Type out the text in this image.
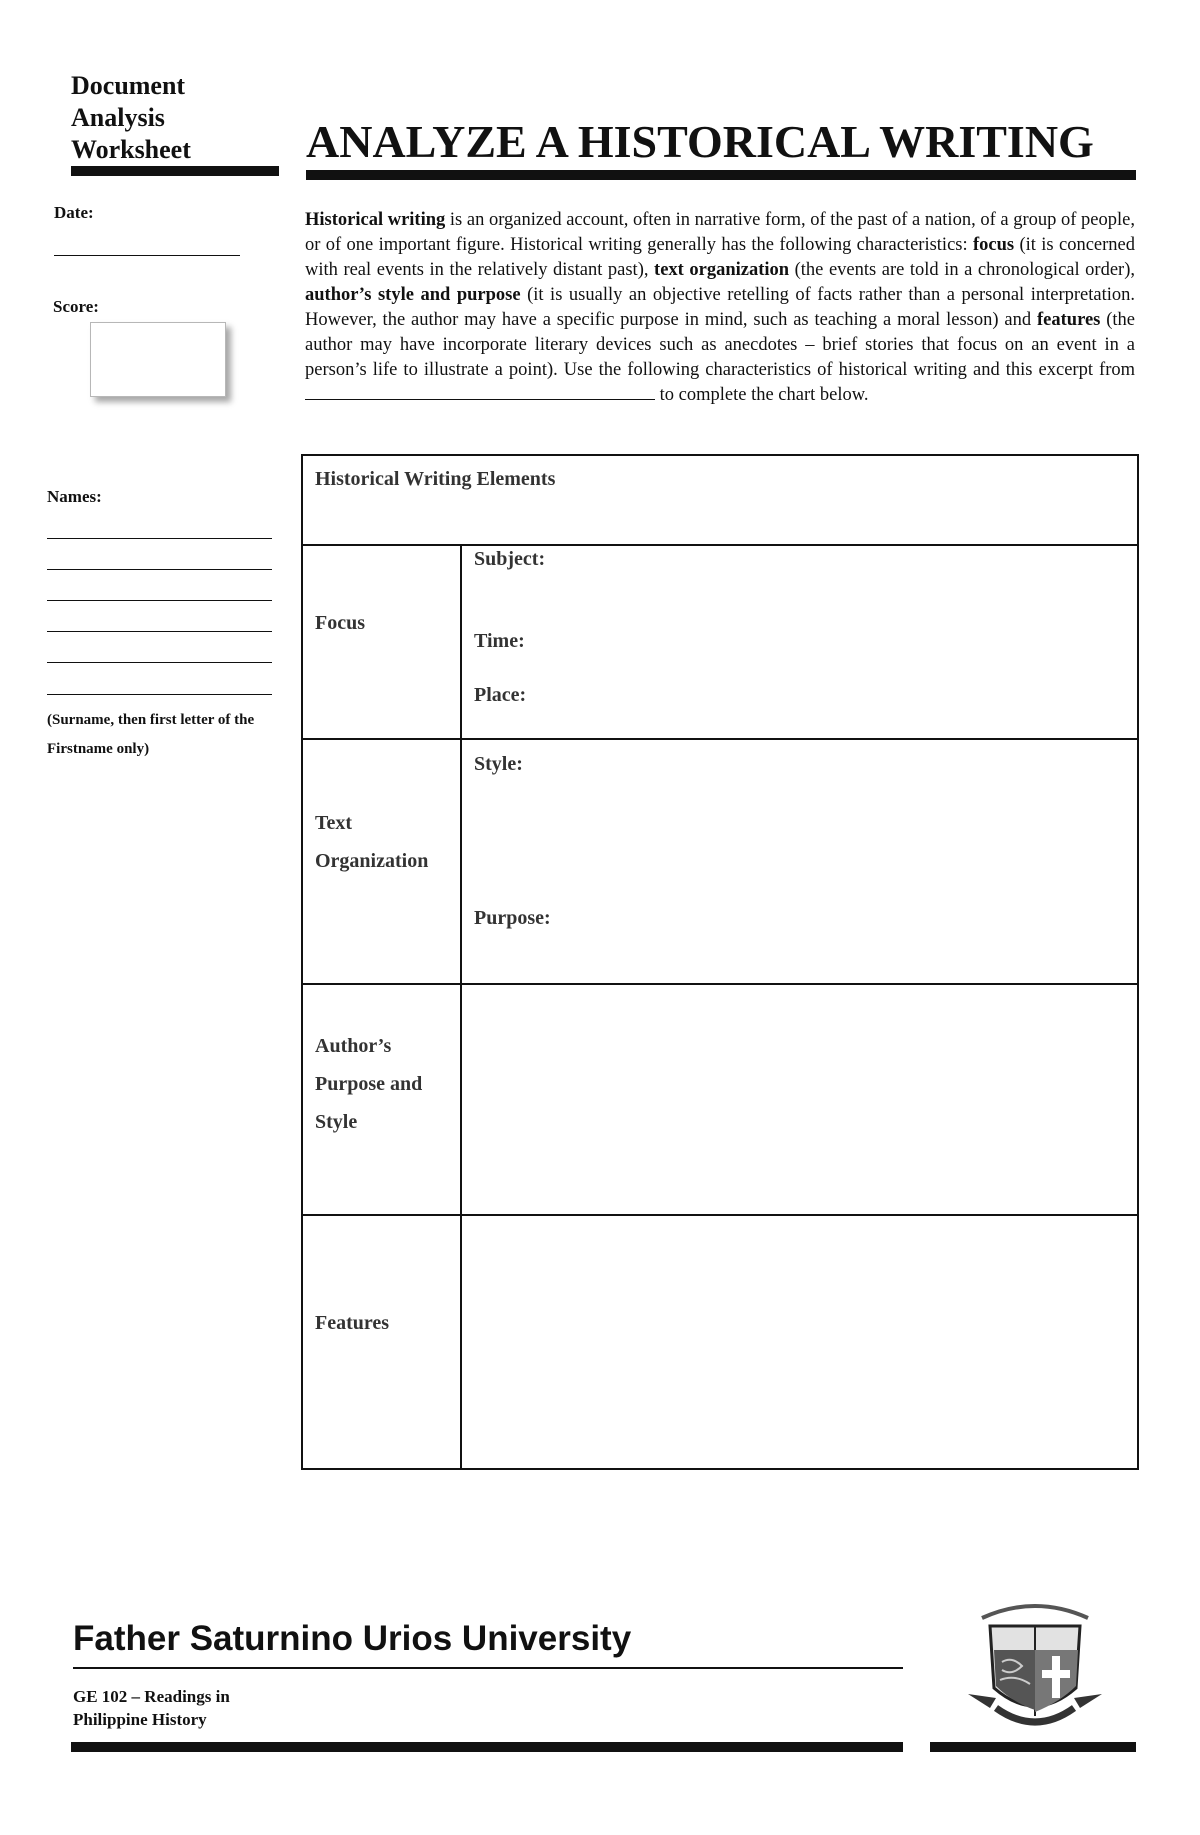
Document
Analysis
Worksheet
Date:
Score:
Names:
(Surname, then first letter of the Firstname only)
ANALYZE A HISTORICAL WRITING
Historical writing is an organized account, often in narrative form, of the past of a nation, of a group of people, or of one important figure. Historical writing generally has the following characteristics: focus (it is concerned with real events in the relatively distant past), text organization (the events are told in a chronological order), author’s style and purpose (it is usually an objective retelling of facts rather than a personal interpretation. However, the author may have a specific purpose in mind, such as teaching a moral lesson) and features (the author may have incorporate literary devices such as anecdotes – brief stories that focus on an event in a person’s life to illustrate a point). Use the following characteristics of historical writing and this excerpt from  to complete the chart below.
Historical Writing Elements
Focus
Subject:
Time:
Place:
Text Organization
Style:
Purpose:
Author’s Purpose and Style
Features
Father Saturnino Urios University
GE 102 – Readings in
Philippine History
